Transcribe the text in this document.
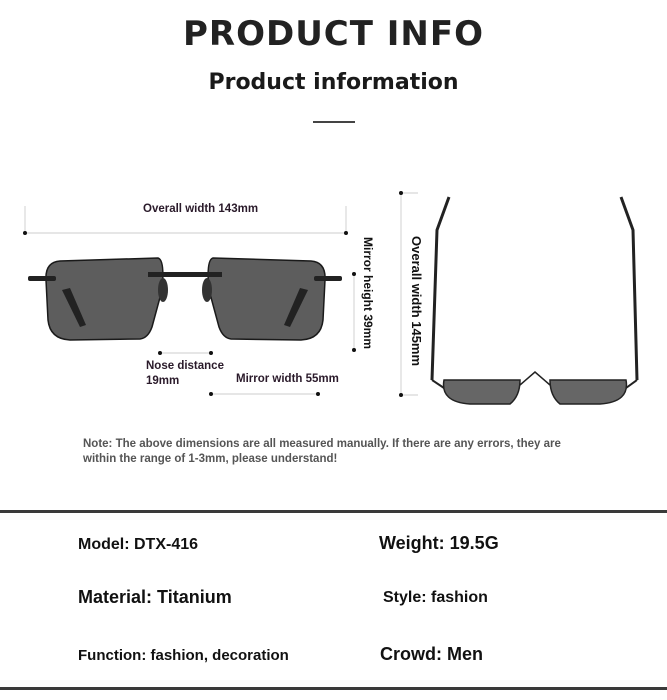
PRODUCT INFO
Product information
Overall width 143mm
Mirror height 39mm
Nose distance
19mm	Mirror width 55mm
Overall width 145mm
Note: The above dimensions are all measured manually. If there are any errors, they are
within the range of 1-3mm, please understand!
Model: DTX-416	Weight: 19.5G
Material: Titanium	Style: fashion
Function: fashion, decoration	Crowd: Men
